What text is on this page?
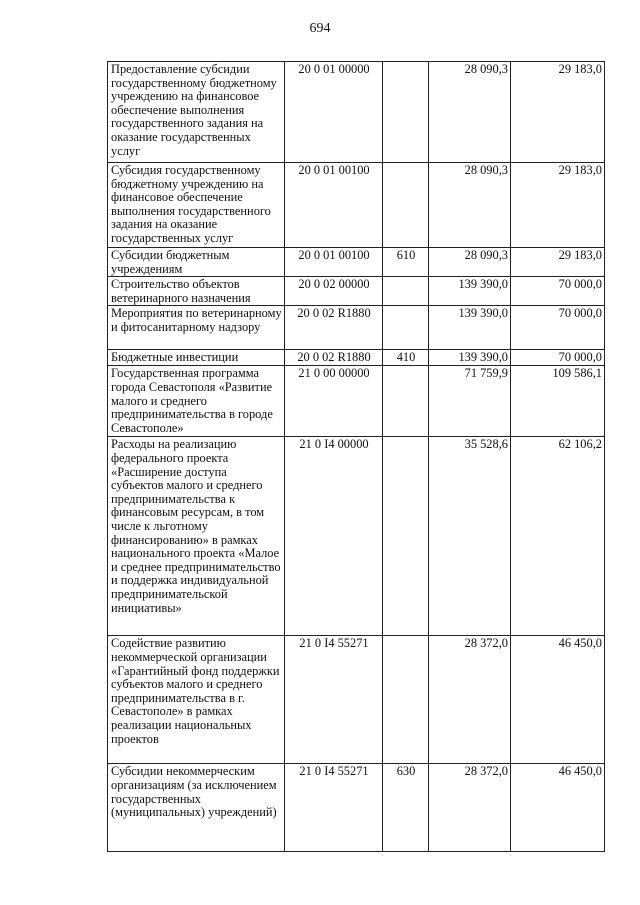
694
Предоставление субсидии государственному бюджетному учреждению на финансовое обеспечение выполнения государственного задания на оказание государственных услуг	20 0 01 00000		28 090,3	29 183,0
Субсидия государственному бюджетному учреждению на финансовое обеспечение выполнения государственного задания на оказание государственных услуг	20 0 01 00100		28 090,3	29 183,0
Субсидии бюджетным учреждениям	20 0 01 00100	610	28 090,3	29 183,0
Строительство объектов ветеринарного назначения	20 0 02 00000		139 390,0	70 000,0
Мероприятия по ветеринарному и фитосанитарному надзору	20 0 02 R1880		139 390,0	70 000,0
Бюджетные инвестиции	20 0 02 R1880	410	139 390,0	70 000,0
Государственная программа города Севастополя «Развитие малого и среднего предпринимательства в городе Севастополе»	21 0 00 00000		71 759,9	109 586,1
Расходы на реализацию федерального проекта «Расширение доступа субъектов малого и среднего предпринимательства к финансовым ресурсам, в том числе к льготному финансированию» в рамках национального проекта «Малое и среднее предпринимательство и поддержка индивидуальной предпринимательской инициативы»	21 0 I4 00000		35 528,6	62 106,2
Содействие развитию некоммерческой организации «Гарантийный фонд поддержки субъектов малого и среднего предпринимательства в г. Севастополе» в рамках реализации национальных проектов	21 0 I4 55271		28 372,0	46 450,0
Субсидии некоммерческим организациям (за исключением государственных (муниципальных) учреждений)	21 0 I4 55271	630	28 372,0	46 450,0
